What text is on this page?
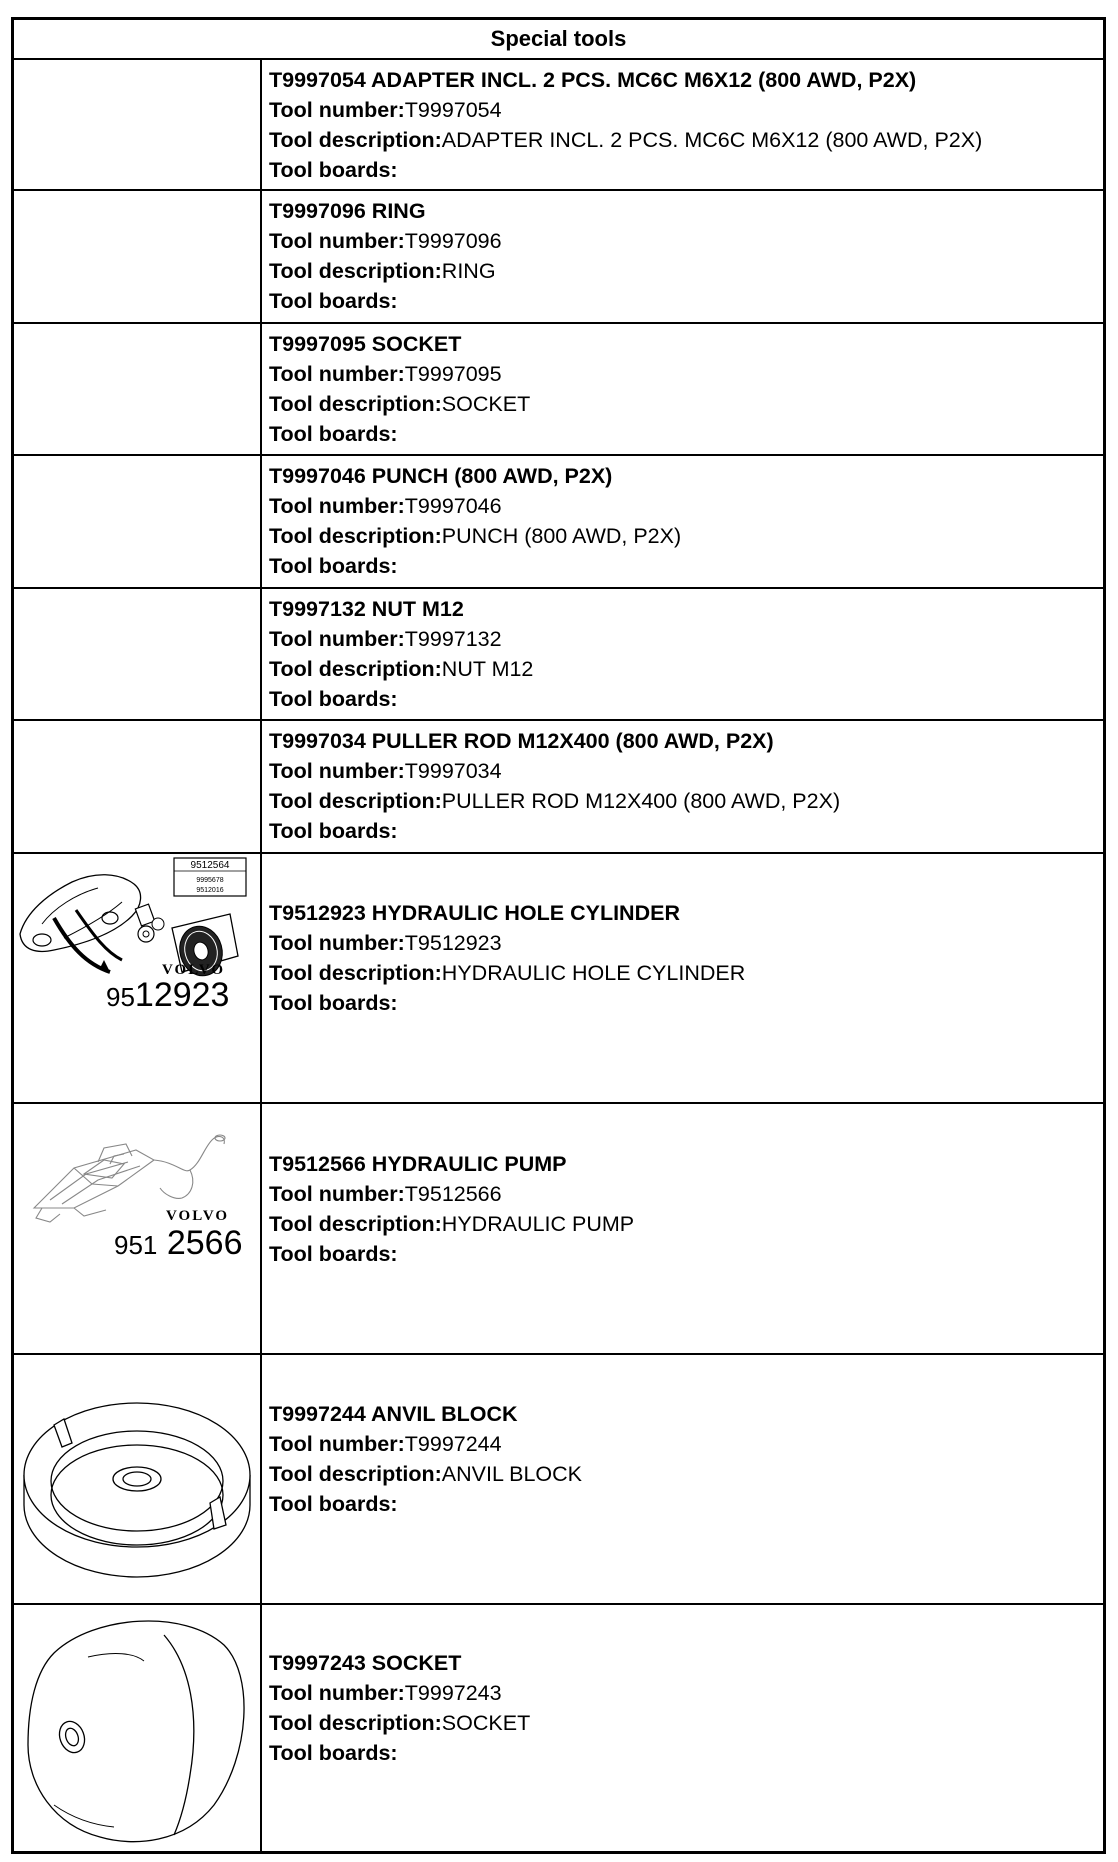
Special tools
T9997054 ADAPTER INCL. 2 PCS. MC6C M6X12 (800 AWD, P2X)
Tool number:T9997054
Tool description:ADAPTER INCL. 2 PCS. MC6C M6X12 (800 AWD, P2X)
Tool boards:
T9997096 RING
Tool number:T9997096
Tool description:RING
Tool boards:
T9997095 SOCKET
Tool number:T9997095
Tool description:SOCKET
Tool boards:
T9997046 PUNCH (800 AWD, P2X)
Tool number:T9997046
Tool description:PUNCH (800 AWD, P2X)
Tool boards:
T9997132 NUT M12
Tool number:T9997132
Tool description:NUT M12
Tool boards:
T9997034 PULLER ROD M12X400 (800 AWD, P2X)
Tool number:T9997034
Tool description:PULLER ROD M12X400 (800 AWD, P2X)
Tool boards:
9512564
9995678
9512016
VOLVO
9512923
T9512923 HYDRAULIC HOLE CYLINDER
Tool number:T9512923
Tool description:HYDRAULIC HOLE CYLINDER
Tool boards:
VOLVO
951 2566
T9512566 HYDRAULIC PUMP
Tool number:T9512566
Tool description:HYDRAULIC PUMP
Tool boards:
T9997244 ANVIL BLOCK
Tool number:T9997244
Tool description:ANVIL BLOCK
Tool boards:
T9997243 SOCKET
Tool number:T9997243
Tool description:SOCKET
Tool boards:
